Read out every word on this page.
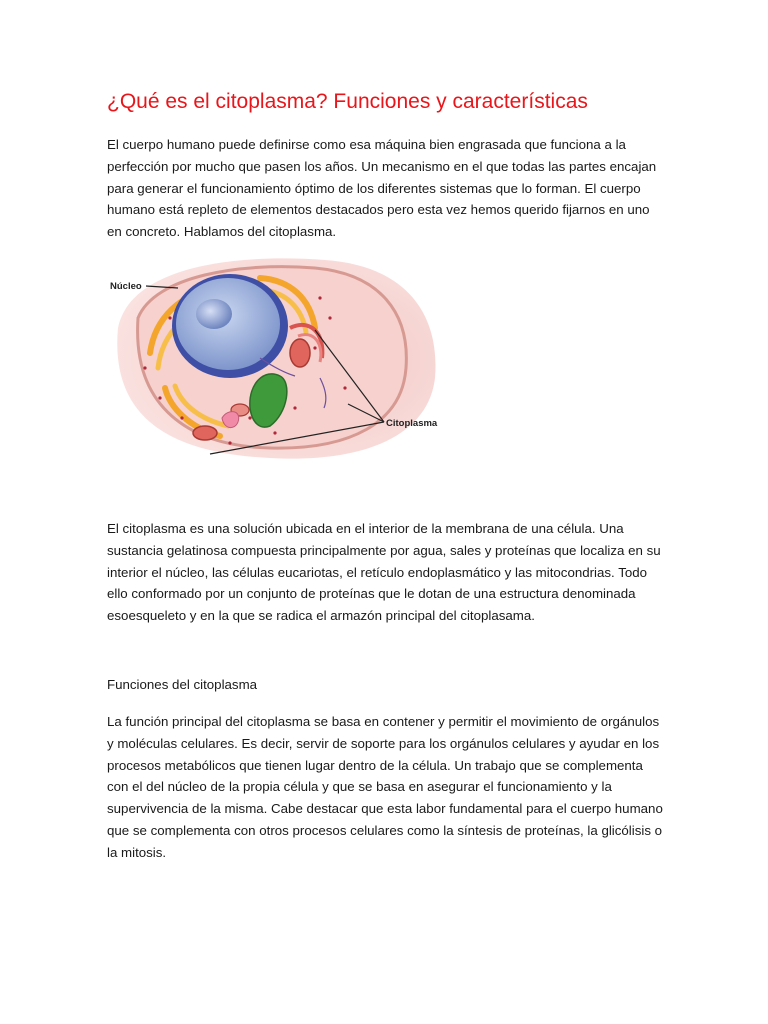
¿Qué es el citoplasma? Funciones y características

El cuerpo humano puede definirse como esa máquina bien engrasada que funciona a la perfección por mucho que pasen los años. Un mecanismo en el que todas las partes encajan para generar el funcionamiento óptimo de los diferentes sistemas que lo forman. El cuerpo humano está repleto de elementos destacados pero esta vez hemos querido fijarnos en uno en concreto. Hablamos del citoplasma.

Núcleo
Citoplasma

El citoplasma es una solución ubicada en el interior de la membrana de una célula. Una sustancia gelatinosa compuesta principalmente por agua, sales y proteínas que localiza en su interior el núcleo, las células eucariotas, el retículo endoplasmático y las mitocondrias. Todo ello conformado por un conjunto de proteínas que le dotan de una estructura denominada esoesqueleto y en la que se radica el armazón principal del citoplasama.

Funciones del citoplasma

La función principal del citoplasma se basa en contener y permitir el movimiento de orgánulos y moléculas celulares. Es decir, servir de soporte para los orgánulos celulares y ayudar en los procesos metabólicos que tienen lugar dentro de la célula. Un trabajo que se complementa con el del núcleo de la propia célula y que se basa en asegurar el funcionamiento y la supervivencia de la misma. Cabe destacar que esta labor fundamental para el cuerpo humano que se complementa con otros procesos celulares como la síntesis de proteínas, la glicólisis o la mitosis.
